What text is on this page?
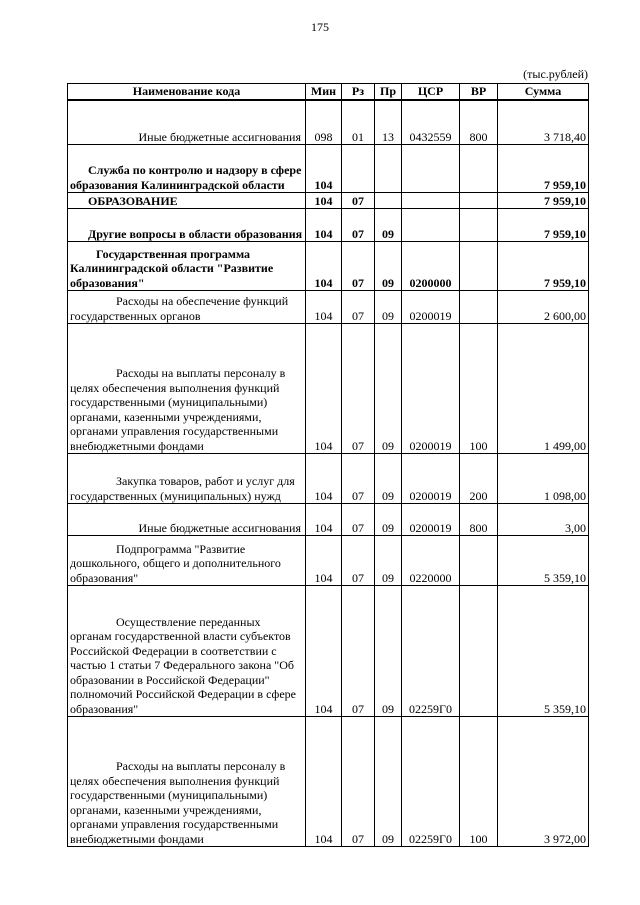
175
(тыс.рублей)
Наименование кода	Мин	Рз	Пр	ЦСР	ВР	Сумма
Иные бюджетные ассигнования	098	01	13	0432559	800	3 718,40
Служба по контролю и надзору в сфере образования Калининградской области	104					7 959,10
ОБРАЗОВАНИЕ	104	07				7 959,10
Другие вопросы в области образования	104	07	09			7 959,10
Государственная программа Калининградской области "Развитие образования"	104	07	09	0200000		7 959,10
Расходы на обеспечение функций государственных органов	104	07	09	0200019		2 600,00
Расходы на выплаты персоналу в целях обеспечения выполнения функций государственными (муниципальными) органами, казенными учреждениями, органами управления государственными внебюджетными фондами	104	07	09	0200019	100	1 499,00
Закупка товаров, работ и услуг для государственных (муниципальных) нужд	104	07	09	0200019	200	1 098,00
Иные бюджетные ассигнования	104	07	09	0200019	800	3,00
Подпрограмма "Развитие дошкольного, общего и дополнительного образования"	104	07	09	0220000		5 359,10
Осуществление переданных органам государственной власти субъектов Российской Федерации в соответствии с частью 1 статьи 7 Федерального закона "Об образовании в Российской Федерации" полномочий Российской Федерации в сфере образования"	104	07	09	02259Г0		5 359,10
Расходы на выплаты персоналу в целях обеспечения выполнения функций государственными (муниципальными) органами, казенными учреждениями, органами управления государственными внебюджетными фондами	104	07	09	02259Г0	100	3 972,00
